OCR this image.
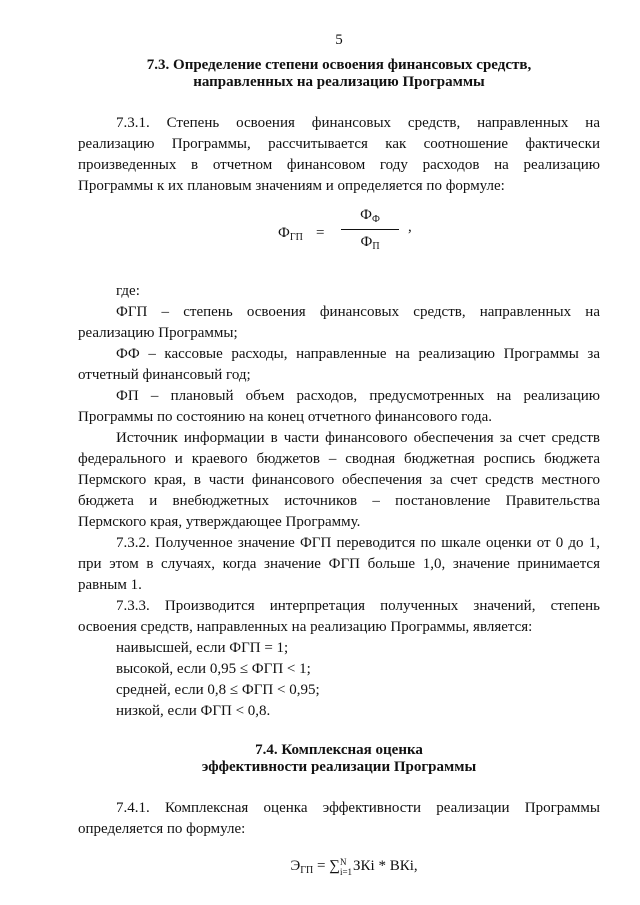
5
7.3. Определение степени освоения финансовых средств,
направленных на реализацию Программы

7.3.1. Степень освоения финансовых средств, направленных на реализацию Программы, рассчитывается как соотношение фактически произведенных в отчетном финансовом году расходов на реализацию Программы к их плановым значениям и определяется по формуле:

$Ф_{ГП}$ =
$Ф_Ф$
$Ф_П$
,

где:

ФГП – степень освоения финансовых средств, направленных на реализацию Программы;

ФФ – кассовые расходы, направленные на реализацию Программы за отчетный финансовый год;

ФП – плановый объем расходов, предусмотренных на реализацию Программы по состоянию на конец отчетного финансового года.

Источник информации в части финансового обеспечения за счет средств федерального и краевого бюджетов – сводная бюджетная роспись бюджета Пермского края, в части финансового обеспечения за счет средств местного бюджета и внебюджетных источников – постановление Правительства Пермского края, утверждающее Программу.

7.3.2. Полученное значение ФГП переводится по шкале оценки от 0 до 1, при этом в случаях, когда значение ФГП больше 1,0, значение принимается равным 1.

7.3.3. Производится интерпретация полученных значений, степень освоения средств, направленных на реализацию Программы, является:

наивысшей, если ФГП = 1;
высокой, если 0,95 ≤ ФГП < 1;
средней, если 0,8 ≤ ФГП < 0,95;
низкой, если ФГП < 0,8.
7.4. Комплексная оценка
эффективности реализации Программы

7.4.1. Комплексная оценка эффективности реализации Программы определяется по формуле:

$Э_{ГП}$ = ∑ N
i=1 ЗКi * ВКi,
